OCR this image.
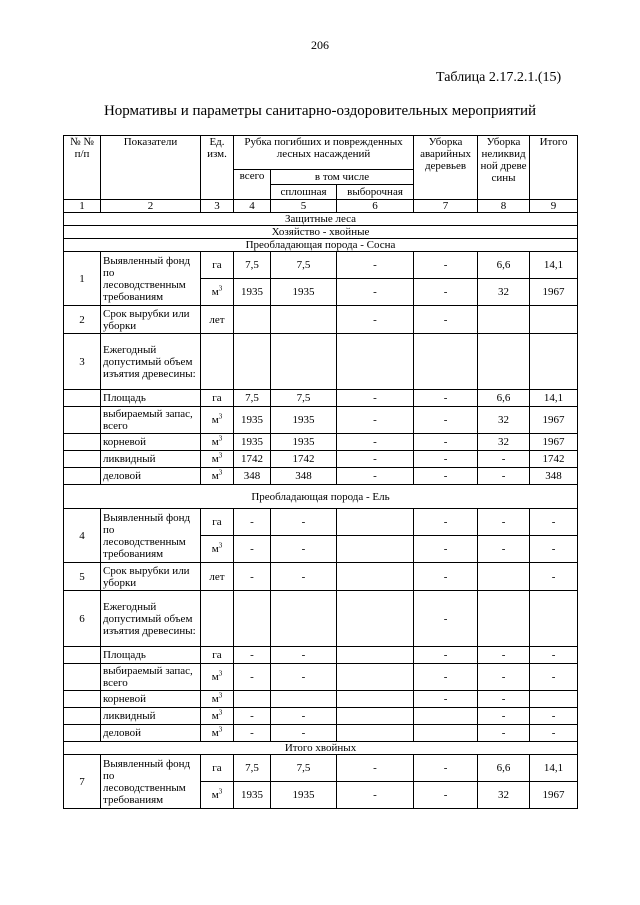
206
Таблица 2.17.2.1.(15)
Нормативы и параметры санитарно-оздоровительных мероприятий
№ № п/п	Показатели	Ед. изм.	Рубка погибших и поврежденных лесных насаждений			Уборка аварийных деревьев	Уборка неликвид ной древе сины	Итого
			всего	в том числе				
				сплошная	выборочная			
1	2	3	4	5	6	7	8	9
Защитные леса								
Хозяйство - хвойные								
Преобладающая порода - Сосна								
1	Выявленный фонд по лесоводственным требованиям	га	7,5	7,5	-	-	6,6	14,1
		$м^3$	1935	1935	-	-	32	1967
2	Срок вырубки или уборки	лет			-	-		
3	Ежегодный допустимый объем изъятия древесины:							
	Площадь	га	7,5	7,5	-	-	6,6	14,1
	выбираемый запас, всего	$м^3$	1935	1935	-	-	32	1967
	корневой	$м^3$	1935	1935	-	-	32	1967
	ликвидный	$м^3$	1742	1742	-	-	-	1742
	деловой	$м^3$	348	348	-	-	-	348
Преобладающая порода - Ель								
4	Выявленный фонд по лесоводственным требованиям	га	-	-		-	-	-
		$м^3$	-	-		-	-	-
5	Срок вырубки или уборки	лет	-	-		-		-
6	Ежегодный допустимый объем изъятия древесины:					-		
	Площадь	га	-	-		-	-	-
	выбираемый запас, всего	$м^3$	-	-		-	-	-
	корневой	$м^3$				-	-	
	ликвидный	$м^3$	-	-			-	-
	деловой	$м^3$	-	-			-	-
Итого хвойных								
7	Выявленный фонд по лесоводственным требованиям	га	7,5	7,5	-	-	6,6	14,1
		$м^3$	1935	1935	-	-	32	1967
